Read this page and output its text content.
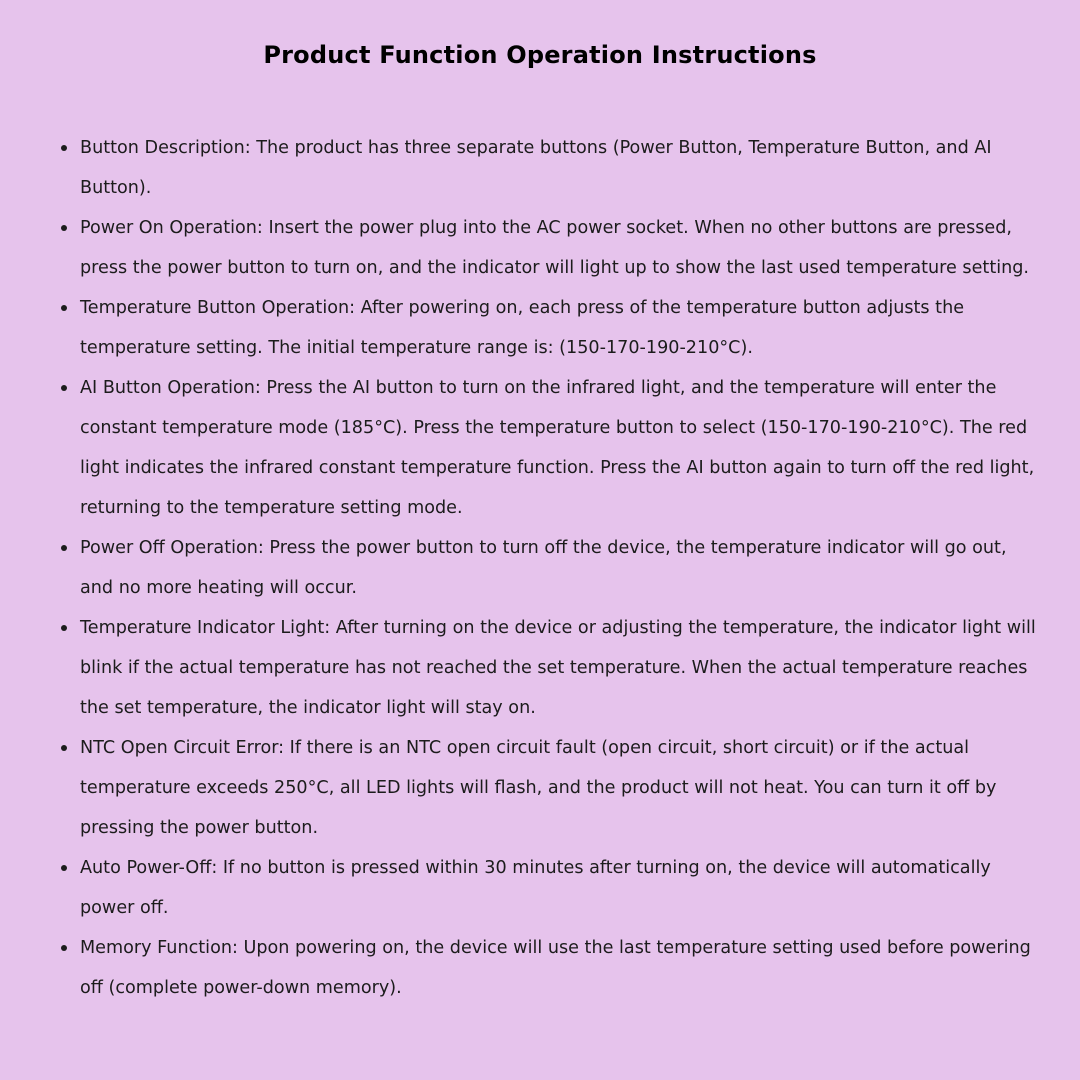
Product Function Operation Instructions
Button Description: The product has three separate buttons (Power Button, Temperature Button, and AI Button).
Power On Operation: Insert the power plug into the AC power socket. When no other buttons are pressed, press the power button to turn on, and the indicator will light up to show the last used temperature setting.
Temperature Button Operation: After powering on, each press of the temperature button adjusts the temperature setting. The initial temperature range is: (150-170-190-210°C).
AI Button Operation: Press the AI button to turn on the infrared light, and the temperature will enter the constant temperature mode (185°C). Press the temperature button to select (150-170-190-210°C). The red light indicates the infrared constant temperature function. Press the AI button again to turn off the red light, returning to the temperature setting mode.
Power Off Operation: Press the power button to turn off the device, the temperature indicator will go out, and no more heating will occur.
Temperature Indicator Light: After turning on the device or adjusting the temperature, the indicator light will blink if the actual temperature has not reached the set temperature. When the actual temperature reaches the set temperature, the indicator light will stay on.
NTC Open Circuit Error: If there is an NTC open circuit fault (open circuit, short circuit) or if the actual temperature exceeds 250°C, all LED lights will flash, and the product will not heat. You can turn it off by pressing the power button.
Auto Power-Off: If no button is pressed within 30 minutes after turning on, the device will automatically power off.
Memory Function: Upon powering on, the device will use the last temperature setting used before powering off (complete power-down memory).
